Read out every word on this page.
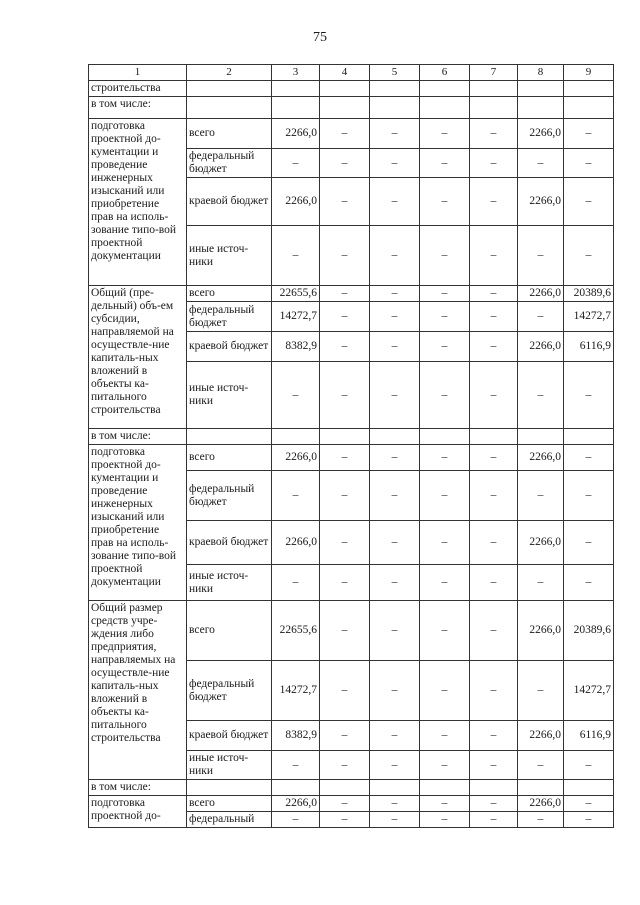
75
1	2	3	4	5	6	7	8	9
строительства								
в том числе:								
подготовка проектной до-кументации и проведение инженерных изысканий или приобретение прав на исполь-зование типо-вой проектной документации	всего	2266,0	–	–	–	–	2266,0	–
	федеральный бюджет	–	–	–	–	–	–	–
	краевой бюджет	2266,0	–	–	–	–	2266,0	–
	иные источ-ники	–	–	–	–	–	–	–
Общий (пре-дельный) объ-ем субсидии, направляемой на осуществле-ние капиталь-ных вложений в объекты ка-питального строительства	всего	22655,6	–	–	–	–	2266,0	20389,6
	федеральный бюджет	14272,7	–	–	–	–	–	14272,7
	краевой бюджет	8382,9	–	–	–	–	2266,0	6116,9
	иные источ-ники	–	–	–	–	–	–	–
в том числе:								
подготовка проектной до-кументации и проведение инженерных изысканий или приобретение прав на исполь-зование типо-вой проектной документации	всего	2266,0	–	–	–	–	2266,0	–
	федеральный бюджет	–	–	–	–	–	–	–
	краевой бюджет	2266,0	–	–	–	–	2266,0	–
	иные источ-ники	–	–	–	–	–	–	–
Общий размер средств учре-ждения либо предприятия, направляемых на осуществле-ние капиталь-ных вложений в объекты ка-питального строительства	всего	22655,6	–	–	–	–	2266,0	20389,6
	федеральный бюджет	14272,7	–	–	–	–	–	14272,7
	краевой бюджет	8382,9	–	–	–	–	2266,0	6116,9
	иные источ-ники	–	–	–	–	–	–	–
в том числе:								
подготовка проектной до-	всего	2266,0	–	–	–	–	2266,0	–
	федеральный	–	–	–	–	–	–	–
